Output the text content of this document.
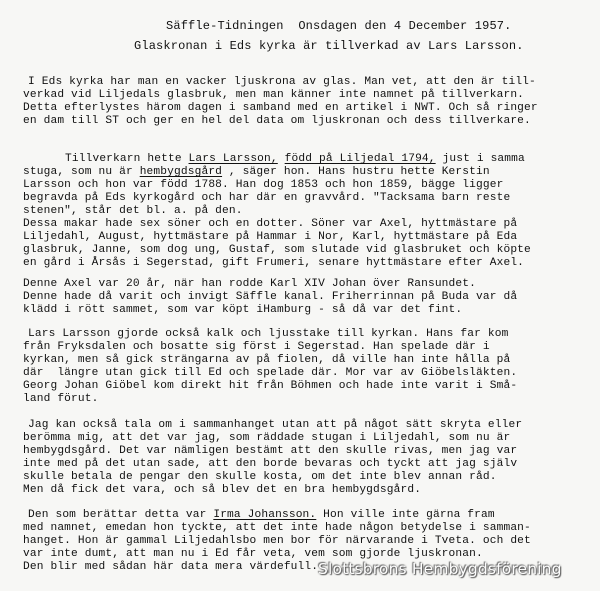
Säffle-Tidningen  Onsdagen den 4 December 1957.
Glaskronan i Eds kyrka är tillverkad av Lars Larsson.
I Eds kyrka har man en vacker ljuskrona av glas. Man vet, att den är till-
verkad vid Liljedals glasbruk, men man känner inte namnet på tillverkarn.
Detta efterlystes härom dagen i samband med en artikel i NWT. Och så ringer
en dam till ST och ger en hel del data om ljuskronan och dess tillverkare.
Tillverkarn hette Lars Larsson, född på Liljedal 1794, just i samma
stuga, som nu är hembygdsgård , säger hon. Hans hustru hette Kerstin
Larsson och hon var född 1788. Han dog 1853 och hon 1859, bägge ligger
begravda på Eds kyrkogård och har där en gravvård. "Tacksama barn reste
stenen", står det bl. a. på den.
Dessa makar hade sex söner och en dotter. Söner var Axel, hyttmästare på
Liljedahl, August, hyttmästare på Hammar i Nor, Karl, hyttmästare på Eda
glasbruk, Janne, som dog ung, Gustaf, som slutade vid glasbruket och köpte
en gård i Årsås i Segerstad, gift Frumeri, senare hyttmästare efter Axel.
Denne Axel var 20 år, när han rodde Karl XIV Johan över Ransundet.
Denne hade då varit och invigt Säffle kanal. Friherrinnan på Buda var då
klädd i rött sammet, som var köpt iHamburg - så då var det fint.
Lars Larsson gjorde också kalk och ljusstake till kyrkan. Hans far kom
från Fryksdalen och bosatte sig först i Segerstad. Han spelade där i
kyrkan, men så gick strängarna av på fiolen, då ville han inte hålla på
där  längre utan gick till Ed och spelade där. Mor var av Giöbelsläkten.
Georg Johan Giöbel kom direkt hit från Böhmen och hade inte varit i Små-
land förut.
Jag kan också tala om i sammanhanget utan att på något sätt skryta eller
berömma mig, att det var jag, som räddade stugan i Liljedahl, som nu är
hembygdsgård. Det var nämligen bestämt att den skulle rivas, men jag var
inte med på det utan sade, att den borde bevaras och tyckt att jag själv
skulle betala de pengar den skulle kosta, om det inte blev annan råd.
Men då fick det vara, och så blev det en bra hembygdsgård.
Den som berättar detta var Irma Johansson. Hon ville inte gärna fram
med namnet, emedan hon tyckte, att det inte hade någon betydelse i samman-
hanget. Hon är gammal Liljedahlsbo men bor för närvarande i Tveta. och det
var inte dumt, att man nu i Ed får veta, vem som gjorde ljuskronan.
Den blir med sådan här data mera värdefull. Slottsbrons Hembygdsförening
